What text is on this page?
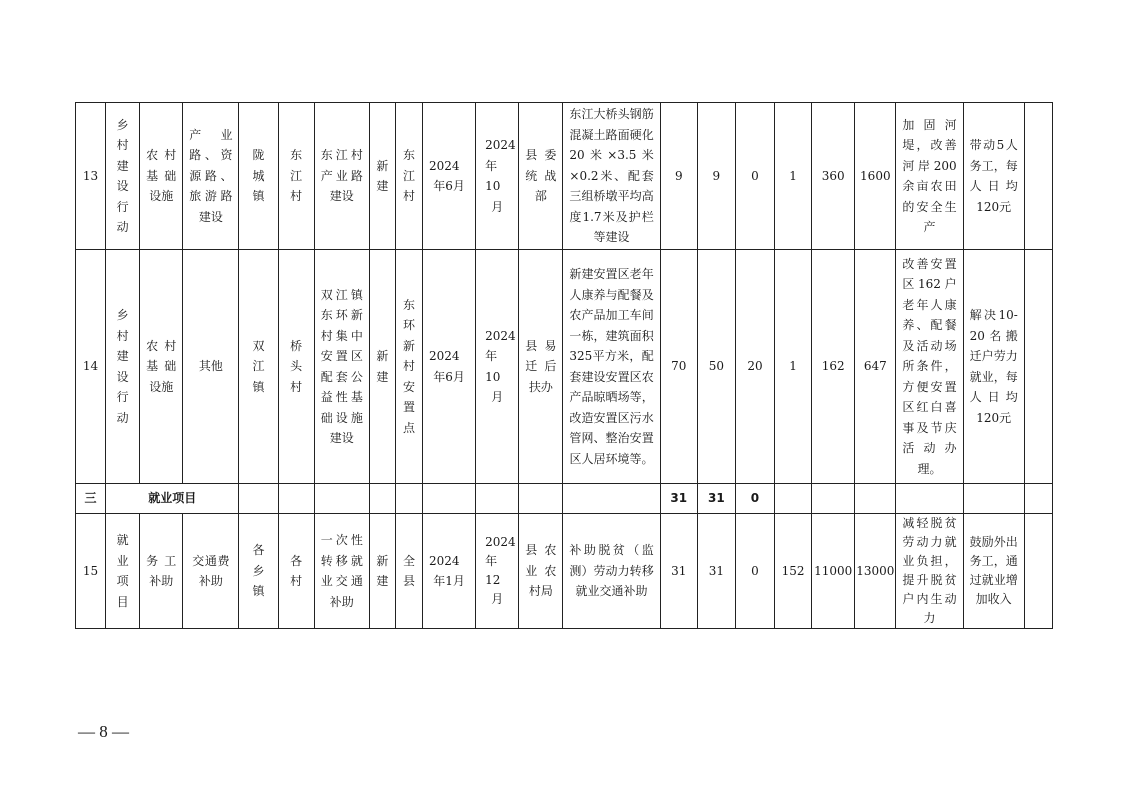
13	乡村建设行动	农村基础设施	产业路、资源路、旅游路建设	陇城镇	东江村	东江村产业路建设	新建	东江村	2024年6月	2024年10月	县委统战部	东江大桥头钢筋混凝土路面硬化20米×3.5米×0.2米、配套三组桥墩平均高度1.7米及护栏等建设	9	9	0	1	360	1600	加固河堤，改善河岸200余亩农田的安全生产	带动5人务工，每人日均120元	
14	乡村建设行动	农村基础设施	其他	双江镇	桥头村	双江镇东环新村集中安置区配套公益性基础设施建设	新建	东环新村安置点	2024年6月	2024年10月	县易迁后扶办	新建安置区老年人康养与配餐及农产品加工车间一栋，建筑面积325平方米，配套建设安置区农产品晾晒场等，改造安置区污水管网、整治安置区人居环境等。	70	50	20	1	162	647	改善安置区162户老年人康养、配餐及活动场所条件，方便安置区红白喜事及节庆活动办理。	解决10-20名搬迁户劳力就业，每人日均120元	
三	就业项目												31	31	0						
15	就业项目	务工补助	交通费补助	各乡镇	各村	一次性转移就业交通补助	新建	全县	2024年1月	2024年12月	县农业农村局	补助脱贫（监测）劳动力转移就业交通补助	31	31	0	152	11000	13000	减轻脱贫劳动力就业负担，提升脱贫户内生动力	鼓励外出务工，通过就业增加收入	
— 8 —
